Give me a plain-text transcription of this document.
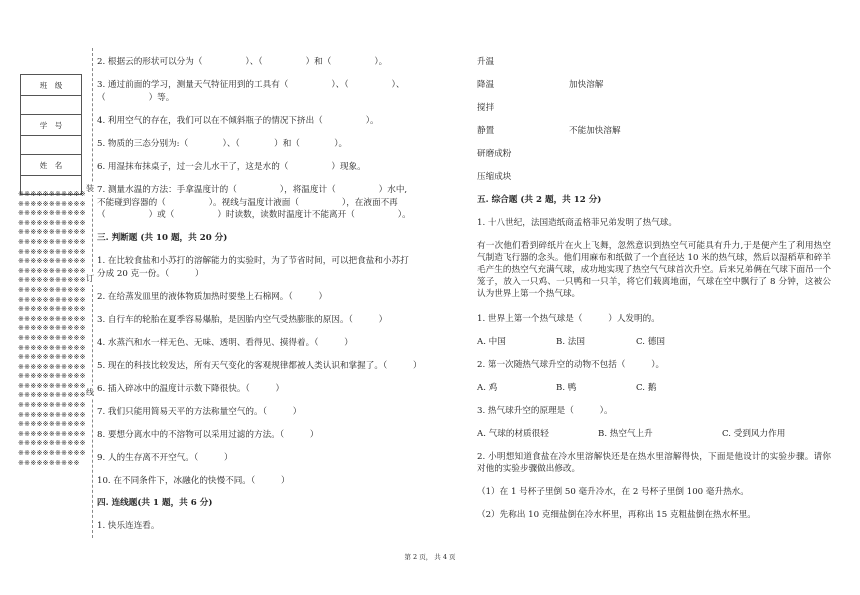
班　级

学　号

姓　名

※※※※※※※※※※※※※※※※※※※※※※※※※※※※※※※※※※※※※※※※※※※※※※※※※※※※※※※※※※※※※※※※※※※※※※※※※※※※※※※※※※※※※※※※※※※※※※※※※※※※※※※※※※※※※※※※※※※※※※※※※※※※※※※※※※※※※※※※※※※※※※※※※※※※※※※※※※※※※※※※※※※※※※※※※※※※※※※※※※※※※※※※※※※※※※※※※※※※※※※※※※※※※※※※※※※※※※※※※※※※※※※※※※※※※※※※※※※※※※※※※※※※※※※※※※※※※※※※※※※※※※※※※※※※※※※※※※※※※※※※※※※※※※※※※※※※※※※※※※※※※※※※※※※※※※※※※※※※※※
装
订
线
2. 根据云的形状可以分为（　　　　　）、（　　　　　）和（　　　　　）。
3. 通过前面的学习，测量天气特征用到的工具有（　　　　　）、（　　　　　）、
（　　　　　）等。
4. 利用空气的存在，我们可以在不倾斜瓶子的情况下挤出（　　　　　）。
5. 物质的三态分别为:（　　　　）、（　　　　）和（　　　　）。
6. 用湿抹布抹桌子，过一会儿水干了，这是水的（　　　　　）现象。
7. 测量水温的方法：手拿温度计的（　　　　　），将温度计（　　　　　）水中,
不能碰到容器的（　　　　　）。视线与温度计液面（　　　　　），在液面不再
（　　　　　）或（　　　　　）时读数，读数时温度计不能离开（　　　　　）。
三. 判断题 (共 10 题，共 20 分)
1. 在比较食盐和小苏打的溶解能力的实验时，为了节省时间，可以把食盐和小苏打
分成 20 克一份。（　　　）
2. 在给蒸发皿里的液体物质加热时要垫上石棉网。（　　　）
3. 自行车的轮胎在夏季容易爆胎，是因胎内空气受热膨胀的原因。（　　　）
4. 水蒸汽和水一样无色、无味、透明、看得见、摸得着。（　　　）
5. 现在的科技比较发达，所有天气变化的客观规律都被人类认识和掌握了。（　　　）
6. 插入碎冰中的温度计示数下降很快。（　　　）
7. 我们只能用简易天平的方法称量空气的。（　　　）
8. 要想分离水中的不溶物可以采用过滤的方法。（　　　）
9. 人的生存离不开空气。（　　　）
10. 在不同条件下，冰融化的快慢不同。（　　　）
四. 连线题(共 1 题，共 6 分)
1. 快乐连连看。
升温
降温
搅拌
静置
研磨成粉
压缩成块
加快溶解
不能加快溶解
五. 综合题 (共 2 题，共 12 分)
1. 十八世纪，法国造纸商孟格菲兄弟发明了热气球。
有一次他们看到碎纸片在火上飞舞，忽然意识到热空气可能具有升力,于是便产生了利用热空气制造飞行器的念头。他们用麻布和纸做了一个直径达 10 米的热气球，然后以湿稻草和碎羊毛产生的热空气充满气球，成功地实现了热空气气球首次升空。后来兄弟俩在气球下面吊一个笼子，放入一只鸡、一只鸭和一只羊，将它们载离地面，气球在空中飘行了 8 分钟，这被公认为世界上第一个热气球。
1. 世界上第一个热气球是（　　　）人发明的。
A. 中国	B. 法国	C. 德国
2. 第一次随热气球升空的动物不包括（　　　）。
A. 鸡	B. 鸭	C. 鹅
3. 热气球升空的原理是（　　　）。
A. 气球的材质很轻	B. 热空气上升	C. 受到风力作用
2. 小明想知道食盐在冷水里溶解快还是在热水里溶解得快，下面是他设计的实验步骤。请你对他的实验步骤做出修改。
（1）在 1 号杯子里倒 50 毫升冷水，在 2 号杯子里倒 100 毫升热水。
（2）先称出 10 克细盐倒在冷水杯里，再称出 15 克粗盐倒在热水杯里。
第 2 页， 共 4 页
